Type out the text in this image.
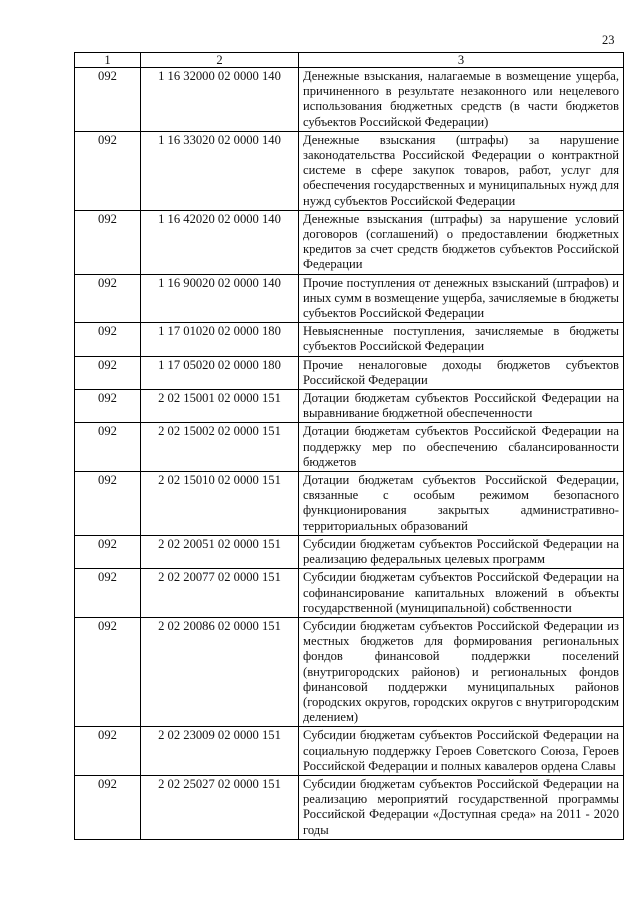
23
1	2	3
092	1 16 32000 02 0000 140	Денежные взыскания, налагаемые в возмещение ущерба, причиненного в результате незаконного или нецелевого использования бюджетных средств (в части бюджетов субъектов Российской Федерации)
092	1 16 33020 02 0000 140	Денежные взыскания (штрафы) за нарушение законодательства Российской Федерации о контрактной системе в сфере закупок товаров, работ, услуг для обеспечения государственных и муниципальных нужд для нужд субъектов Российской Федерации
092	1 16 42020 02 0000 140	Денежные взыскания (штрафы) за нарушение условий договоров (соглашений) о предоставлении бюджетных кредитов за счет средств бюджетов субъектов Российской Федерации
092	1 16 90020 02 0000 140	Прочие поступления от денежных взысканий (штрафов) и иных сумм в возмещение ущерба, зачисляемые в бюджеты субъектов Российской Федерации
092	1 17 01020 02 0000 180	Невыясненные поступления, зачисляемые в бюджеты субъектов Российской Федерации
092	1 17 05020 02 0000 180	Прочие неналоговые доходы бюджетов субъектов Российской Федерации
092	2 02 15001 02 0000 151	Дотации бюджетам субъектов Российской Федерации на выравнивание бюджетной обеспеченности
092	2 02 15002 02 0000 151	Дотации бюджетам субъектов Российской Федерации на поддержку мер по обеспечению сбалансированности бюджетов
092	2 02 15010 02 0000 151	Дотации бюджетам субъектов Российской Федерации, связанные с особым режимом безопасного функционирования закрытых административно-территориальных образований
092	2 02 20051 02 0000 151	Субсидии бюджетам субъектов Российской Федерации на реализацию федеральных целевых программ
092	2 02 20077 02 0000 151	Субсидии бюджетам субъектов Российской Федерации на софинансирование капитальных вложений в объекты государственной (муниципальной) собственности
092	2 02 20086 02 0000 151	Субсидии бюджетам субъектов Российской Федерации из местных бюджетов для формирования региональных фондов финансовой поддержки поселений (внутригородских районов) и региональных фондов финансовой поддержки муниципальных районов (городских округов, городских округов с внутригородским делением)
092	2 02 23009 02 0000 151	Субсидии бюджетам субъектов Российской Федерации на социальную поддержку Героев Советского Союза, Героев Российской Федерации и полных кавалеров ордена Славы
092	2 02 25027 02 0000 151	Субсидии бюджетам субъектов Российской Федерации на реализацию мероприятий государственной программы Российской Федерации «Доступная среда» на 2011 - 2020 годы
